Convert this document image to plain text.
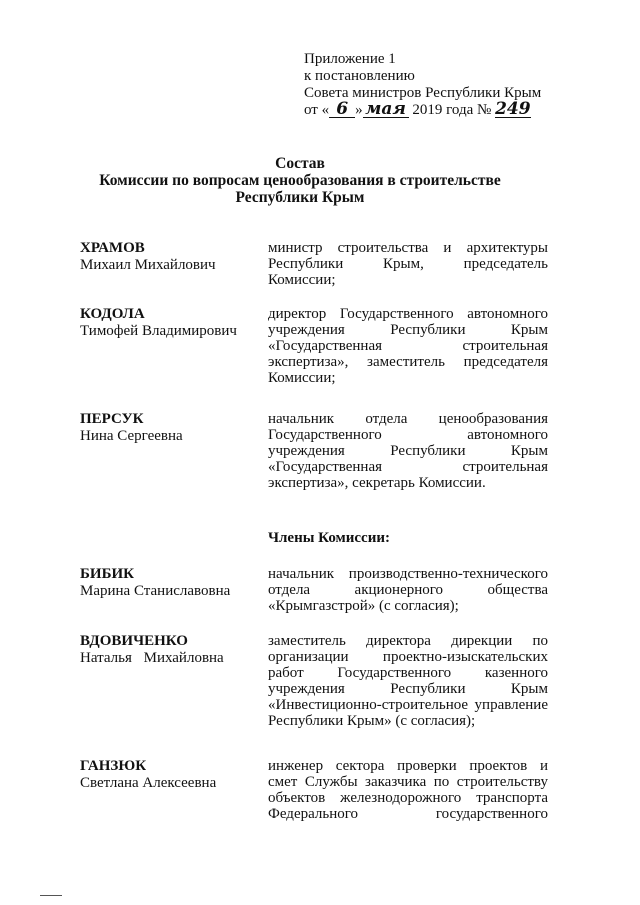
Приложение 1
к постановлению
Совета министров Республики Крым
от « 6 » мая 2019 года № 249
Состав
Комиссии по вопросам ценообразования в строительстве
Республики Крым
ХРАМОВ
Михаил Михайлович
министр строительства и архитектуры
Республики Крым, председатель
Комиссии;
КОДОЛА
Тимофей Владимирович
директор Государственного автономного
учреждения Республики Крым
«Государственная строительная
экспертиза», заместитель председателя
Комиссии;
ПЕРСУК
Нина Сергеевна
начальник отдела ценообразования
Государственного автономного
учреждения Республики Крым
«Государственная строительная
экспертиза», секретарь Комиссии.
Члены Комиссии:
БИБИК
Марина Станиславовна
начальник производственно-технического
отдела акционерного общества
«Крымгазстрой» (с согласия);
ВДОВИЧЕНКО
Наталья Михайловна
заместитель директора дирекции по
организации проектно-изыскательских
работ Государственного казенного
учреждения Республики Крым
«Инвестиционно-строительное управление
Республики Крым» (с согласия);
ГАНЗЮК
Светлана Алексеевна
инженер сектора проверки проектов и
смет Службы заказчика по строительству
объектов железнодорожного транспорта
Федерального государственного
